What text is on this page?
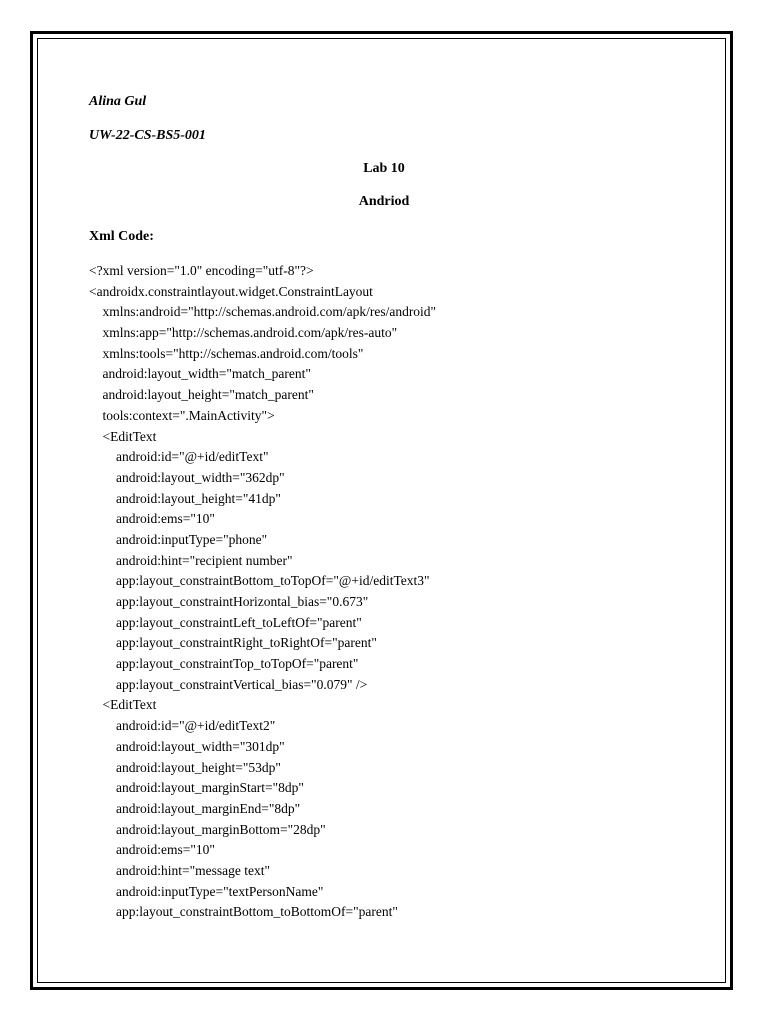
Alina Gul
UW-22-CS-BS5-001
Lab 10
Andriod
Xml Code:
<?xml version="1.0" encoding="utf-8"?>
<androidx.constraintlayout.widget.ConstraintLayout
xmlns:android="http://schemas.android.com/apk/res/android"
xmlns:app="http://schemas.android.com/apk/res-auto"
xmlns:tools="http://schemas.android.com/tools"
android:layout_width="match_parent"
android:layout_height="match_parent"
tools:context=".MainActivity">
<EditText
android:id="@+id/editText"
android:layout_width="362dp"
android:layout_height="41dp"
android:ems="10"
android:inputType="phone"
android:hint="recipient number"
app:layout_constraintBottom_toTopOf="@+id/editText3"
app:layout_constraintHorizontal_bias="0.673"
app:layout_constraintLeft_toLeftOf="parent"
app:layout_constraintRight_toRightOf="parent"
app:layout_constraintTop_toTopOf="parent"
app:layout_constraintVertical_bias="0.079" />
<EditText
android:id="@+id/editText2"
android:layout_width="301dp"
android:layout_height="53dp"
android:layout_marginStart="8dp"
android:layout_marginEnd="8dp"
android:layout_marginBottom="28dp"
android:ems="10"
android:hint="message text"
android:inputType="textPersonName"
app:layout_constraintBottom_toBottomOf="parent"
